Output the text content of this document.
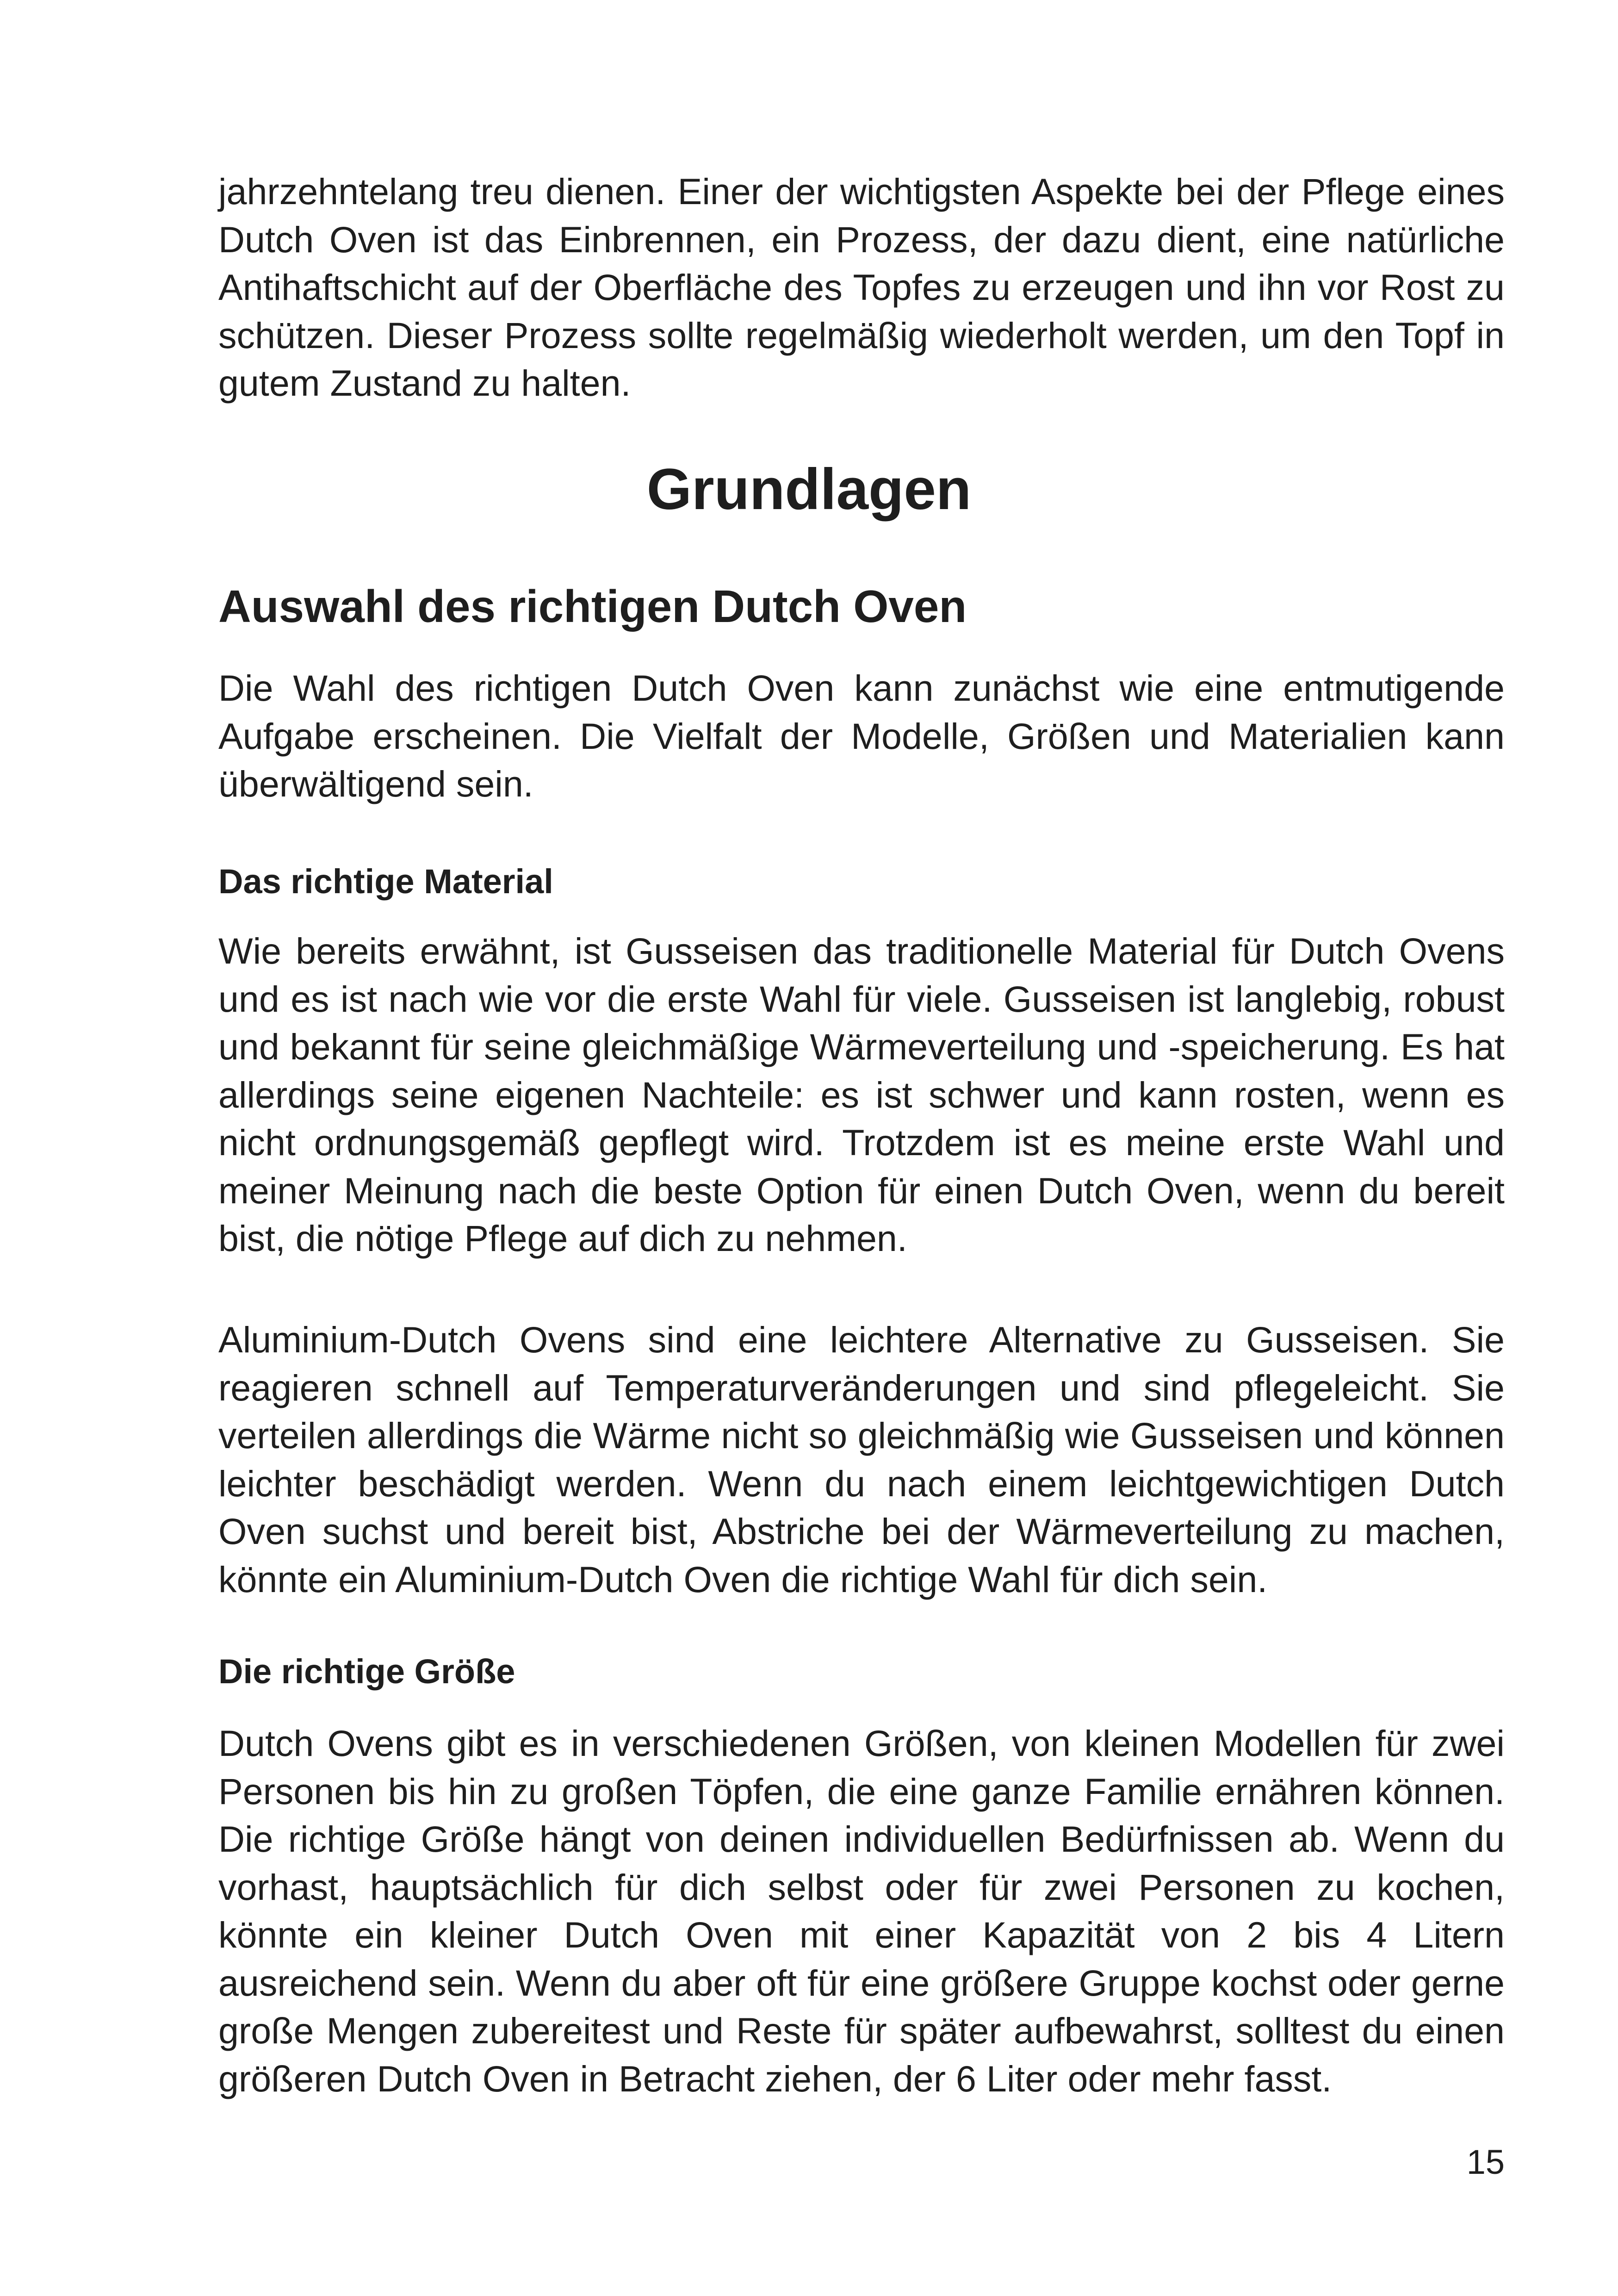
jahrzehntelang treu dienen. Einer der wichtigsten Aspekte bei der Pflege eines Dutch Oven ist das Einbrennen, ein Prozess, der dazu dient, eine natürliche Antihaftschicht auf der Oberfläche des Topfes zu erzeugen und ihn vor Rost zu schützen. Dieser Prozess sollte regelmäßig wiederholt werden, um den Topf in gutem Zustand zu halten.

Grundlagen
Auswahl des richtigen Dutch Oven

Die Wahl des richtigen Dutch Oven kann zunächst wie eine entmutigende Aufgabe erscheinen. Die Vielfalt der Modelle, Größen und Materialien kann überwältigend sein.

Das richtige Material

Wie bereits erwähnt, ist Gusseisen das traditionelle Material für Dutch Ovens und es ist nach wie vor die erste Wahl für viele. Gusseisen ist langlebig, robust und bekannt für seine gleichmäßige Wärmeverteilung und -speicherung. Es hat allerdings seine eigenen Nachteile: es ist schwer und kann rosten, wenn es nicht ordnungsgemäß gepflegt wird. Trotzdem ist es meine erste Wahl und meiner Meinung nach die beste Option für einen Dutch Oven, wenn du bereit bist, die nötige Pflege auf dich zu nehmen.

Aluminium-Dutch Ovens sind eine leichtere Alternative zu Gusseisen. Sie reagieren schnell auf Temperaturveränderungen und sind pflegeleicht. Sie verteilen allerdings die Wärme nicht so gleichmäßig wie Gusseisen und können leichter beschädigt werden. Wenn du nach einem leichtgewichtigen Dutch Oven suchst und bereit bist, Abstriche bei der Wärmeverteilung zu machen, könnte ein Aluminium-Dutch Oven die richtige Wahl für dich sein.

Die richtige Größe

Dutch Ovens gibt es in verschiedenen Größen, von kleinen Modellen für zwei Personen bis hin zu großen Töpfen, die eine ganze Familie ernähren können. Die richtige Größe hängt von deinen individuellen Bedürfnissen ab. Wenn du vorhast, hauptsächlich für dich selbst oder für zwei Personen zu kochen, könnte ein kleiner Dutch Oven mit einer Kapazität von 2 bis 4 Litern ausreichend sein. Wenn du aber oft für eine größere Gruppe kochst oder gerne große Mengen zubereitest und Reste für später aufbewahrst, solltest du einen größeren Dutch Oven in Betracht ziehen, der 6 Liter oder mehr fasst.

15
